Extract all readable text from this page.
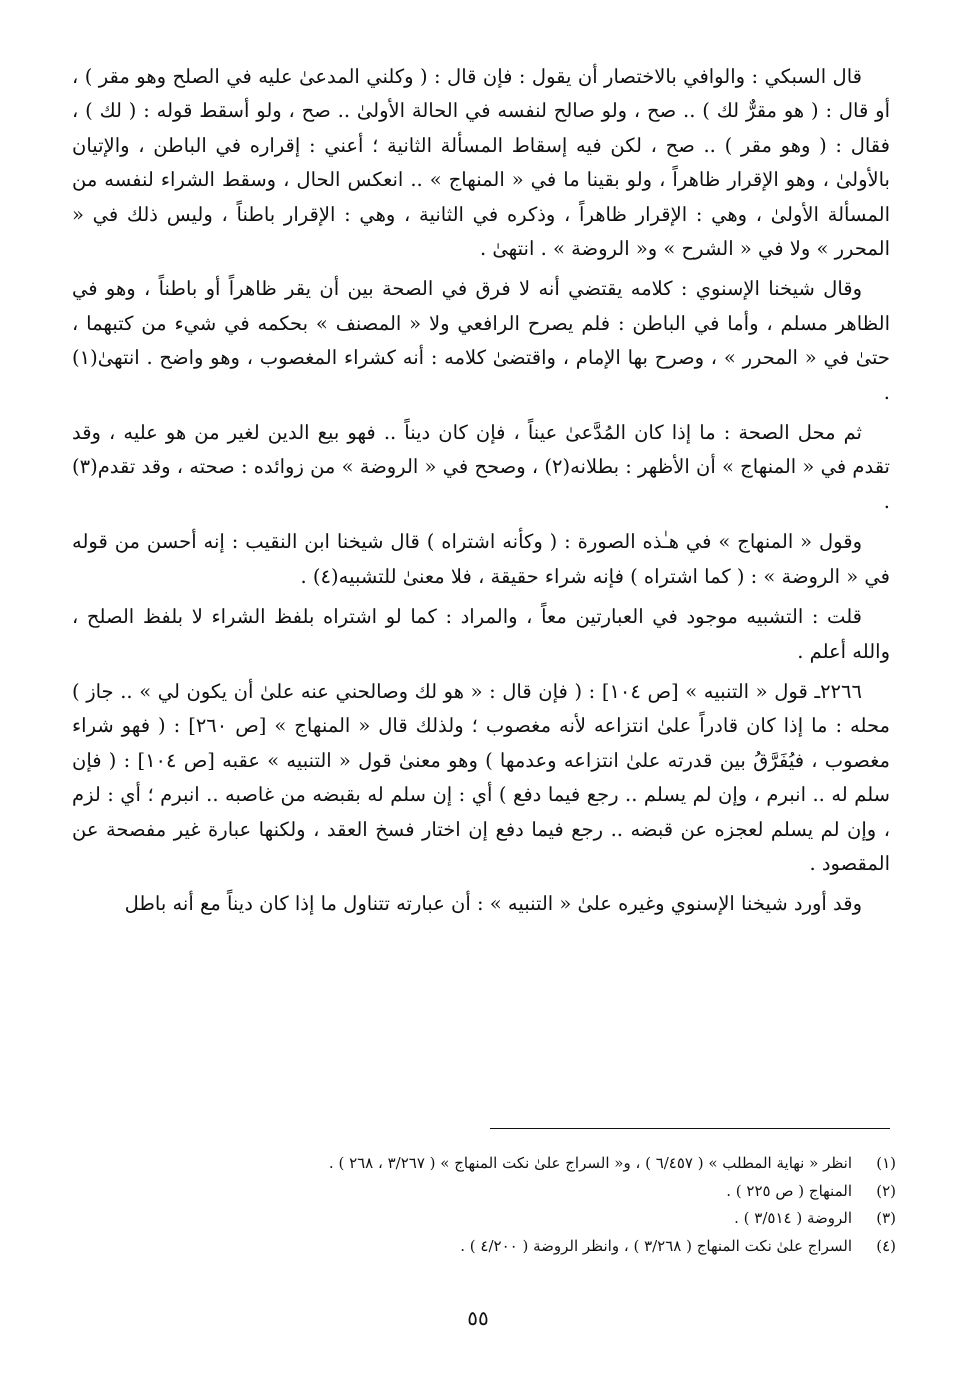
قال السبكي : والوافي بالاختصار أن يقول : فإن قال : ( وكلني المدعىٰ عليه في الصلح وهو مقر ) ، أو قال : ( هو مقرٌّ لك ) .. صح ، ولو صالح لنفسه في الحالة الأولىٰ .. صح ، ولو أسقط قوله : ( لك ) ، فقال : ( وهو مقر ) .. صح ، لكن فيه إسقاط المسألة الثانية ؛ أعني : إقراره في الباطن ، والإتيان بالأولىٰ ، وهو الإقرار ظاهراً ، ولو بقينا ما في « المنهاج » .. انعكس الحال ، وسقط الشراء لنفسه من المسألة الأولىٰ ، وهي : الإقرار ظاهراً ، وذكره في الثانية ، وهي : الإقرار باطناً ، وليس ذلك في « المحرر » ولا في « الشرح » و« الروضة » . انتهىٰ .

وقال شيخنا الإسنوي : كلامه يقتضي أنه لا فرق في الصحة بين أن يقر ظاهراً أو باطناً ، وهو في الظاهر مسلم ، وأما في الباطن : فلم يصرح الرافعي ولا « المصنف » بحكمه في شيء من كتبهما ، حتىٰ في « المحرر » ، وصرح بها الإمام ، واقتضىٰ كلامه : أنه كشراء المغصوب ، وهو واضح . انتهىٰ(١) .

ثم محل الصحة : ما إذا كان المُدَّعىٰ عيناً ، فإن كان ديناً .. فهو بيع الدين لغير من هو عليه ، وقد تقدم في « المنهاج » أن الأظهر : بطلانه(٢) ، وصحح في « الروضة » من زوائده : صحته ، وقد تقدم(٣) .

وقول « المنهاج » في هـٰذه الصورة : ( وكأنه اشتراه ) قال شيخنا ابن النقيب : إنه أحسن من قوله في « الروضة » : ( كما اشتراه ) فإنه شراء حقيقة ، فلا معنىٰ للتشبيه(٤) .

قلت : التشبيه موجود في العبارتين معاً ، والمراد : كما لو اشتراه بلفظ الشراء لا بلفظ الصلح ، والله أعلم .

٢٢٦٦ـ قول « التنبيه » [ص ١٠٤] : ( فإن قال : « هو لك وصالحني عنه علىٰ أن يكون لي » .. جاز ) محله : ما إذا كان قادراً علىٰ انتزاعه لأنه مغصوب ؛ ولذلك قال « المنهاج » [ص ٢٦٠] : ( فهو شراء مغصوب ، فيُفَرَّقُ بين قدرته علىٰ انتزاعه وعدمها ) وهو معنىٰ قول « التنبيه » عقبه [ص ١٠٤] : ( فإن سلم له .. انبرم ، وإن لم يسلم .. رجع فيما دفع ) أي : إن سلم له بقبضه من غاصبه .. انبرم ؛ أي : لزم ، وإن لم يسلم لعجزه عن قبضه .. رجع فيما دفع إن اختار فسخ العقد ، ولكنها عبارة غير مفصحة عن المقصود .

وقد أورد شيخنا الإسنوي وغيره علىٰ « التنبيه » : أن عبارته تتناول ما إذا كان ديناً مع أنه باطل

(١)
انظر « نهاية المطلب » ( ٦/٤٥٧ ) ، و« السراج علىٰ نكت المنهاج » ( ٣/٢٦٧ ، ٢٦٨ ) .
(٢)
المنهاج ( ص ٢٢٥ ) .
(٣)
الروضة ( ٣/٥١٤ ) .
(٤)
السراج علىٰ نكت المنهاج ( ٣/٢٦٨ ) ، وانظر الروضة ( ٤/٢٠٠ ) .
٥٥
